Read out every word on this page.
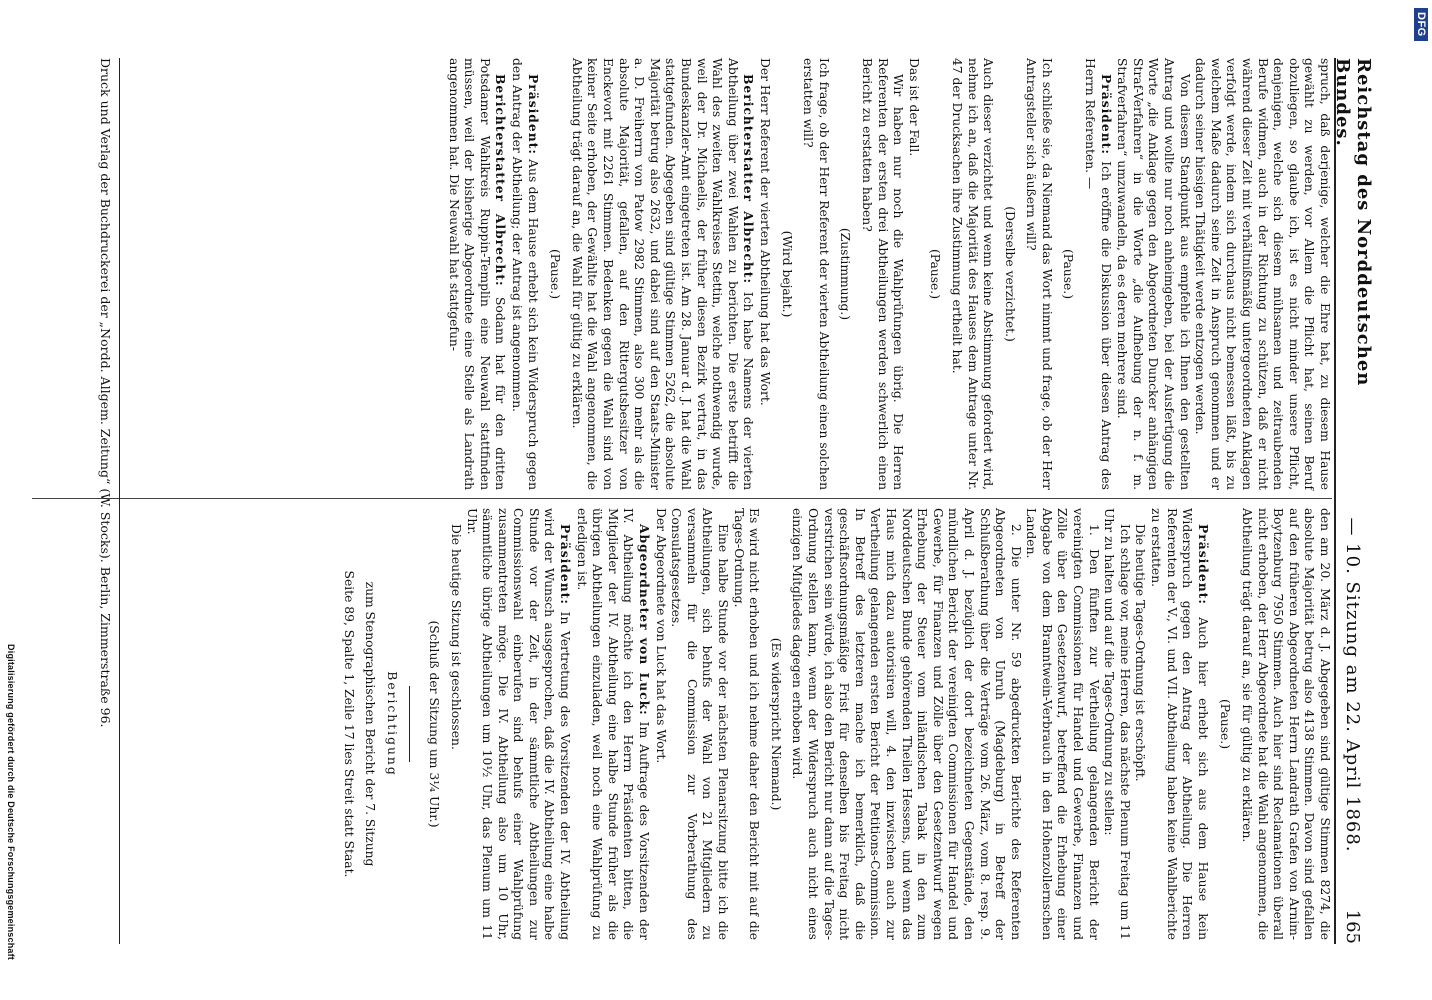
DFG
Digitalisierung gefördert durch die Deutsche Forschungsgemeinschaft
Reichstag des Norddeutschen Bundes.
— 10. Sitzung am 22. April 1868.
165

spruch, daß derjenige, welcher die Ehre hat, zu diesem Hause gewählt zu werden, vor Allem die Pflicht hat, seinen Beruf obzuliegen, so glaube ich, ist es nicht minder unsere Pflicht, denjenigen, welche sich diesem mühsamen und zeitraubenden Berufe widmen, auch in der Richtung zu schützen, daß er nicht während dieser Zeit mit verhältnißmäßig untergeordneten Anklagen verfolgt werde, indem sich durchaus nicht bemessen läßt, bis zu welchem Maße dadurch seine Zeit in Anspruch genommen und er dadurch seiner hiesigen Thätigkeit werde entzogen werden.

Von diesem Standpunkt aus empfehle ich Ihnen den gestellten Antrag und wollte nur noch anheimgeben, bei der Ausfertigung die Worte „die Anklage gegen den Abgeordneten Duncker anhängigen Straf-Verfahren“ in die Worte „die Aufhebung der n. f. m. Strafverfahren“ umzuwandeln, da es deren mehrere sind.

Präsident: Ich eröffne die Diskussion über diesen Antrag des Herrn Referenten. —

(Pause.)

Ich schließe sie, da Niemand das Wort nimmt und frage, ob der Herr Antragsteller sich äußern will?

(Derselbe verzichtet.)

Auch dieser verzichtet und wenn keine Abstimmung gefordert wird, nehme ich an, daß die Majorität des Hauses dem Antrage unter Nr. 47 der Drucksachen ihre Zustimmung ertheilt hat.

(Pause.)

Das ist der Fall.

Wir haben nur noch die Wahlprüfungen übrig. Die Herren Referenten der ersten drei Abtheilungen werden schwerlich einen Bericht zu erstatten haben?

(Zustimmung.)

Ich frage, ob der Herr Referent der vierten Abtheilung einen solchen erstatten will?

(Wird bejaht.)

Der Herr Referent der vierten Abtheilung hat das Wort.

Berichterstatter Albrecht: Ich habe Namens der vierten Abtheilung über zwei Wahlen zu berichten. Die erste betrifft die Wahl des zweiten Wahlkreises Stettin, welche nothwendig wurde, weil der Dr. Michaelis, der früher diesen Bezirk vertrat, in das Bundeskanzler-Amt eingetreten ist. Am 28. Januar d. J. hat die Wahl stattgefunden. Abgegeben sind gültige Stimmen 5262, die absolute Majorität betrug also 2632, und dabei sind auf den Staats-Minister a. D. Freiherrn von Patow 2982 Stimmen, also 300 mehr als die absolute Majorität, gefallen, auf den Rittergutsbesitzer von Enckevort mit 2261 Stimmen. Bedenken gegen die Wahl sind von keiner Seite erhoben, der Gewählte hat die Wahl angenommen, die Abtheilung trägt darauf an, die Wahl für gültig zu erklären.

(Pause.)

Präsident: Aus dem Hause erhebt sich kein Widerspruch gegen den Antrag der Abtheilung; der Antrag ist angenommen.

Berichterstatter Albrecht: Sodann hat für den dritten Potsdamer Wahlkreis Ruppin-Templin eine Neuwahl stattfinden müssen, weil der bisherige Abgeordnete eine Stelle als Landrath angenommen hat. Die Neuwahl hat stattgefun-

den am 20. März d. J. Abgegeben sind gültige Stimmen 8274, die absolute Majorität betrug also 4138 Stimmen. Davon sind gefallen auf den früheren Abgeordneten Herrn Landrath Grafen von Arnim-Boytzenburg 7950 Stimmen. Auch hier sind Reclamationen überall nicht erhoben, der Herr Abgeordnete hat die Wahl angenommen, die Abtheilung trägt darauf an, sie für gültig zu erklären.

(Pause.)

Präsident: Auch hier erhebt sich aus dem Hause kein Widerspruch gegen den Antrag der Abtheilung. Die Herren Referenten der V., VI. und VII. Abtheilung haben keine Wahlberichte zu erstatten.

Die heutige Tages-Ordnung ist erschöpft.

Ich schlage vor, meine Herren, das nächste Plenum Freitag um 11 Uhr zu halten und auf die Tages-Ordnung zu stellen:

1. Den fünften zur Vertheilung gelangenden Bericht der vereinigten Commissionen für Handel und Gewerbe, Finanzen und Zölle über den Gesetzentwurf, betreffend die Erhebung einer Abgabe von dem Branntwein-Verbrauch in den Hohenzollernschen Landen.

2. Die unter Nr. 59 abgedruckten Berichte des Referenten Abgeordneten von Unruh (Magdeburg) in Betreff der Schlußberathung über die Verträge vom 26. März, vom 8. resp. 9. April d. J. bezüglich der dort bezeichneten Gegenstände, den mündlichen Bericht der vereinigten Commissionen für Handel und Gewerbe, für Finanzen und Zölle über den Gesetzentwurf wegen Erhebung der Steuer vom inländischen Tabak in den zum Norddeutschen Bunde gehörenden Theilen Hessens, und wenn das Haus mich dazu autorisiren will, 4. den inzwischen auch zur Vertheilung gelangenden ersten Bericht der Petitions-Commission. In Betreff des letzteren mache ich bemerklich, daß die geschäftsordnungsmäßige Frist für denselben bis Freitag nicht verstrichen sein würde, ich also den Bericht nur dann auf die Tages-Ordnung stellen kann, wenn der Widerspruch auch nicht eines einzigen Mitgliedes dagegen erhoben wird.

(Es widerspricht Niemand.)

Es wird nicht erhoben und ich nehme daher den Bericht mit auf die Tages-Ordnung.

Eine halbe Stunde vor der nächsten Plenarsitzung bitte ich die Abtheilungen, sich behufs der Wahl von 21 Mitgliedern zu versammeln für die Commission zur Vorberathung des Consulatsgesetzes.

Der Abgeordnete von Luck hat das Wort.

Abgeordneter von Luck: Im Auftrage des Vorsitzenden der IV. Abtheilung möchte ich den Herrn Präsidenten bitten, die Mitglieder der IV. Abtheilung eine halbe Stunde früher als die übrigen Abtheilungen einzuladen, weil noch eine Wahlprüfung zu erledigen ist.

Präsident: In Vertretung des Vorsitzenden der IV. Abtheilung wird der Wunsch ausgesprochen, daß die IV. Abtheilung eine halbe Stunde vor der Zeit, in der sämmtliche Abtheilungen zur Commissionswahl einberufen sind behufs einer Wahlprüfung zusammentreten möge. Die IV. Abtheilung also um 10 Uhr, sämmtliche übrige Abtheilungen um 10½ Uhr, das Plenum um 11 Uhr.

Die heutige Sitzung ist geschlossen.

(Schluß der Sitzung um 3¼ Uhr.)

Berichtigung

zum Stenographischen Bericht der 7. Sitzung

Seite 89, Spalte 1, Zeile 17 lies Streit statt Staat.

Druck und Verlag der Buchdruckerei der „Nordd. Allgem. Zeitung“ (W. Stocks). Berlin, Zimmerstraße 96.
